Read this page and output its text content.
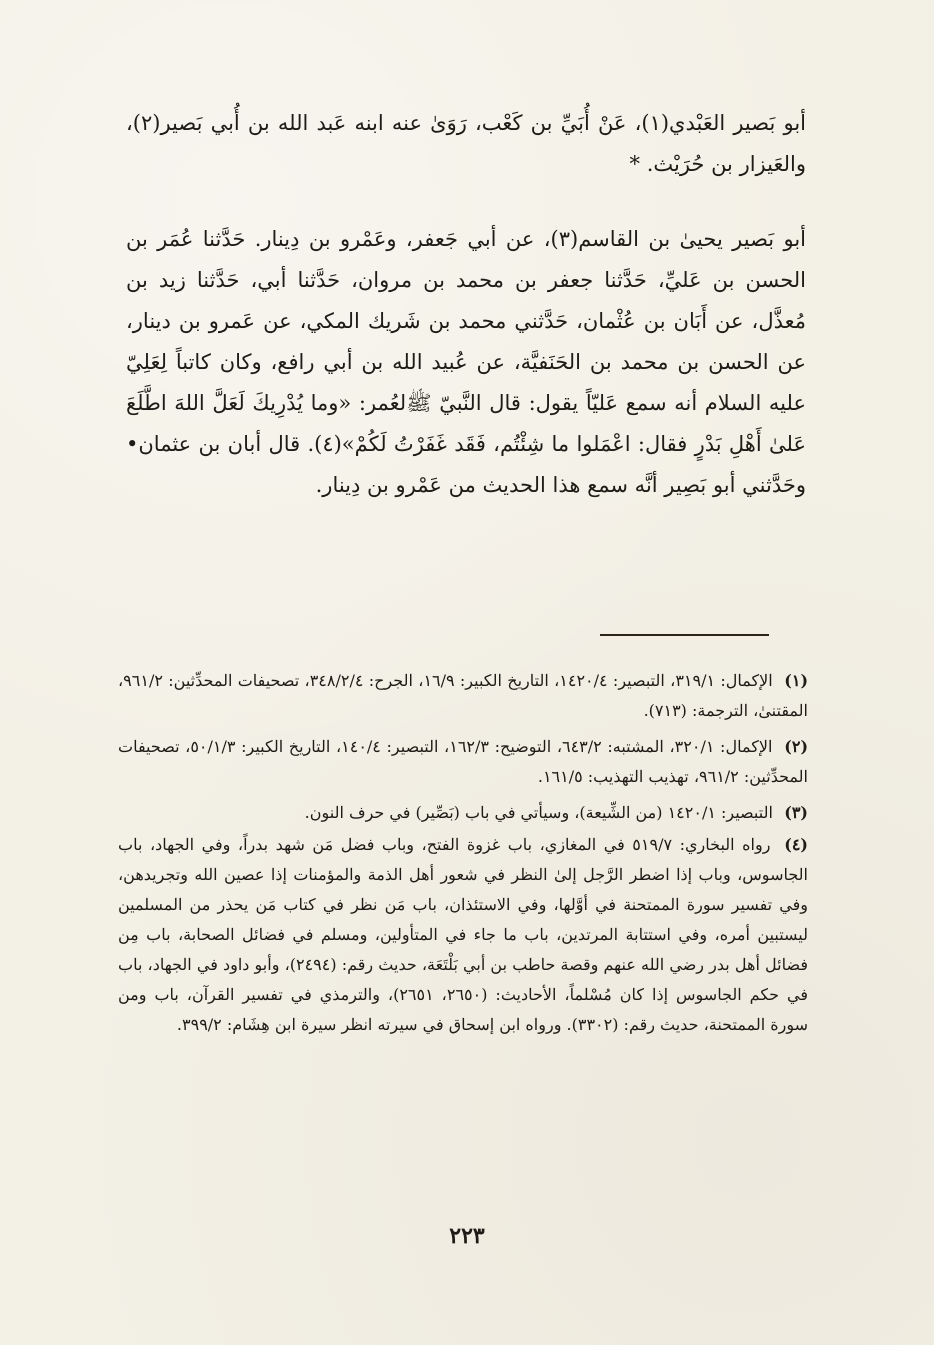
أبو بَصير العَبْدي(١)، عَنْ أُبَيِّ بن كَعْب، رَوَىٰ عنه ابنه عَبد الله بن أُبي بَصير(٢)، والعَيزار بن حُرَيْث. *
أبو بَصير يحيىٰ بن القاسم(٣)، عن أبي جَعفر، وعَمْرو بن دِينار. حَدَّثنا عُمَر بن الحسن بن عَليِّ، حَدَّثنا جعفر بن محمد بن مروان، حَدَّثنا أبي، حَدَّثنا زيد بن مُعذَّل، عن أَبَان بن عُثْمان، حَدَّثني محمد بن شَريك المكي، عن عَمرو بن دينار، عن الحسن بن محمد بن الحَنَفيَّة، عن عُبيد الله بن أبي رافع، وكان كاتباً لِعَلِيّ عليه السلام أنه سمع عَليّاً يقول: قال النَّبيّ ﷺلعُمر: «وما يُدْرِيكَ لَعَلَّ اللهَ اطَّلَعَ عَلىٰ أَهْلِ بَدْرٍ فقال: اعْمَلوا ما شِئْتُم، فَقَد غَفَرْتُ لَكُمْ»(٤). قال أبان بن عثمان• وحَدَّثني أبو بَصِير أنَّه سمع هذا الحديث من عَمْرو بن دِينار.

(١) الإكمال: ٣١٩/١، التبصير: ١٤٢٠/٤، التاريخ الكبير: ١٦/٩، الجرح: ٣٤٨/٢/٤، تصحيفات المحدِّثين: ٩٦١/٢، المقتنىٰ، الترجمة: (٧١٣).

(٢) الإكمال: ٣٢٠/١، المشتبه: ٦٤٣/٢، التوضيح: ١٦٢/٣، التبصير: ١٤٠/٤، التاريخ الكبير: ٥٠/١/٣، تصحيفات المحدِّثين: ٩٦١/٢، تهذيب التهذيب: ١٦١/٥.

(٣) التبصير: ١٤٢٠/١ (من الشِّيعة)، وسيأتي في باب (بَصِّير) في حرف النون.

(٤) رواه البخاري: ٥١٩/٧ في المغازي، باب غزوة الفتح، وباب فضل مَن شهد بدراً، وفي الجهاد، باب الجاسوس، وباب إذا اضطر الرَّجل إلىٰ النظر في شعور أهل الذمة والمؤمنات إذا عصين الله وتجريدهن، وفي تفسير سورة الممتحنة في أوَّلها، وفي الاستئذان، باب مَن نظر في كتاب مَن يحذر من المسلمين ليستبين أمره، وفي استتابة المرتدين، باب ما جاء في المتأولين، ومسلم في فضائل الصحابة، باب مِن فضائل أهل بدر رضي الله عنهم وقصة حاطب بن أبي بَلْتَعَة، حديث رقم: (٢٤٩٤)، وأبو داود في الجهاد، باب في حكم الجاسوس إذا كان مُسْلماً، الأحاديث: (٢٦٥٠، ٢٦٥١)، والترمذي في تفسير القرآن، باب ومن سورة الممتحنة، حديث رقم: (٣٣٠٢). ورواه ابن إسحاق في سيرته انظر سيرة ابن هِشَام: ٣٩٩/٢.

٢٢٣
